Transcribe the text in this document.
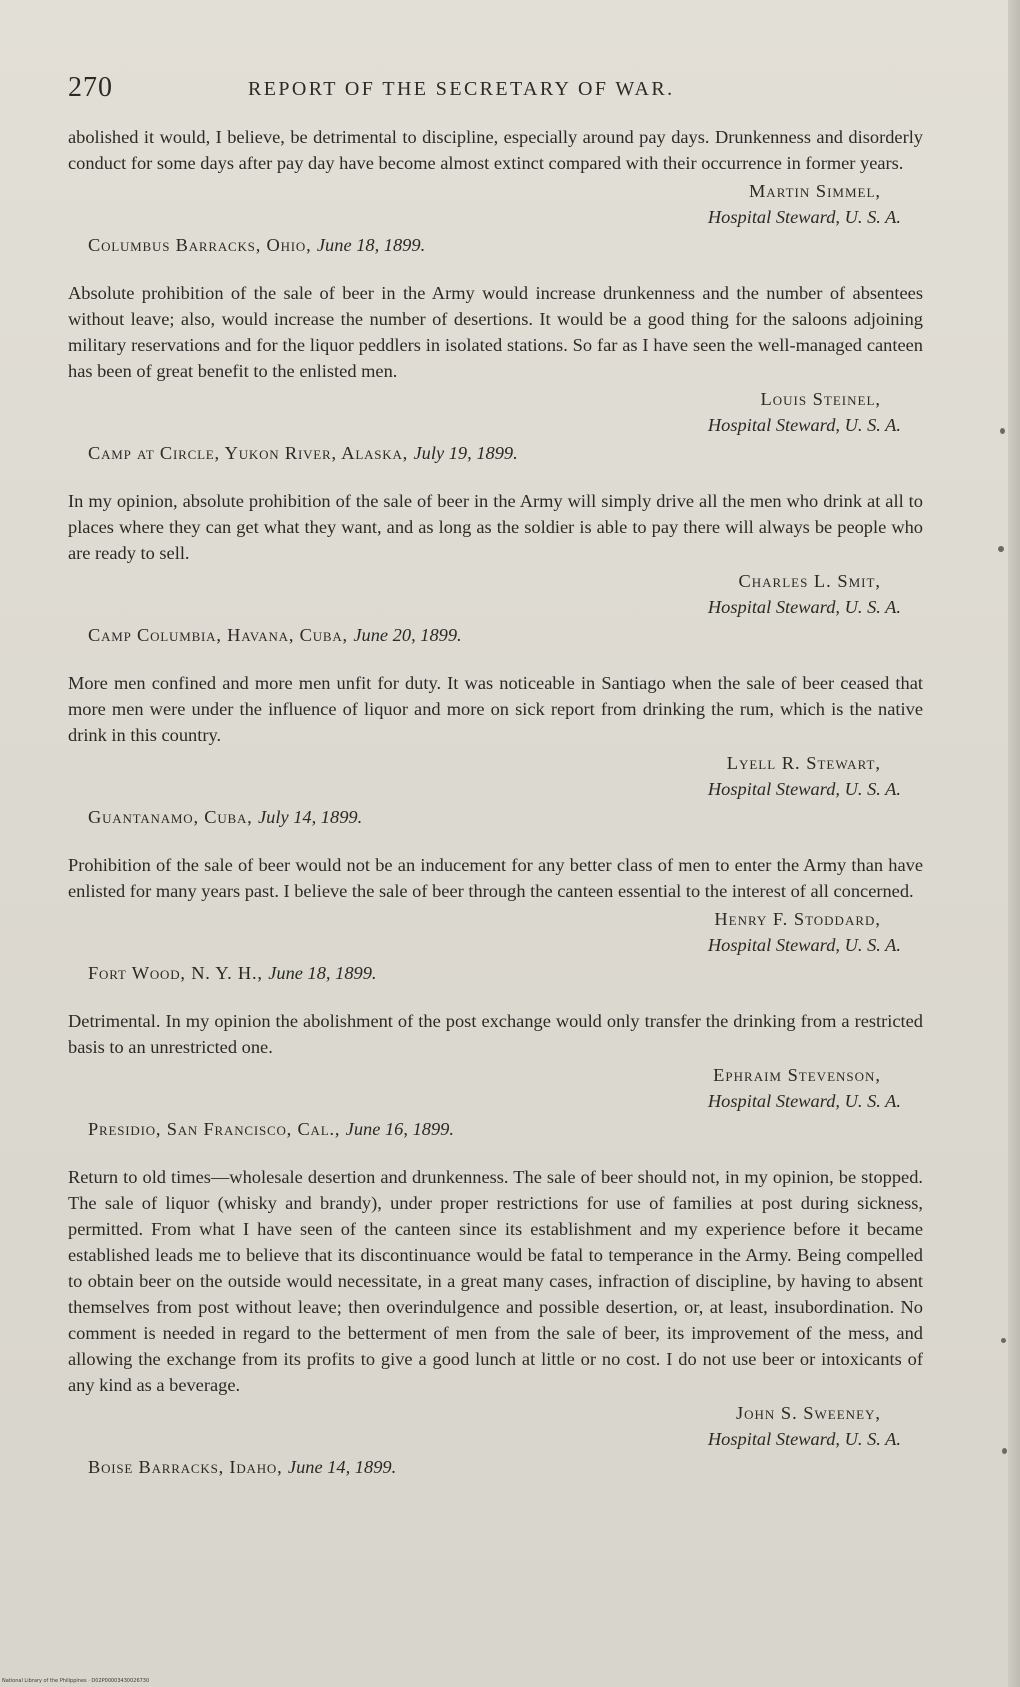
270	REPORT OF THE SECRETARY OF WAR.

abolished it would, I believe, be detrimental to discipline, especially around pay days. Drunkenness and disorderly conduct for some days after pay day have become almost extinct compared with their occurrence in former years.

Martin Simmel,

Hospital Steward, U. S. A.

Columbus Barracks, Ohio, June 18, 1899.

Absolute prohibition of the sale of beer in the Army would increase drunkenness and the number of absentees without leave; also, would increase the number of desertions. It would be a good thing for the saloons adjoining military reservations and for the liquor peddlers in isolated stations. So far as I have seen the well-managed canteen has been of great benefit to the enlisted men.

Louis Steinel,

Hospital Steward, U. S. A.

Camp at Circle, Yukon River, Alaska, July 19, 1899.

In my opinion, absolute prohibition of the sale of beer in the Army will simply drive all the men who drink at all to places where they can get what they want, and as long as the soldier is able to pay there will always be people who are ready to sell.

Charles L. Smit,

Hospital Steward, U. S. A.

Camp Columbia, Havana, Cuba, June 20, 1899.

More men confined and more men unfit for duty. It was noticeable in Santiago when the sale of beer ceased that more men were under the influence of liquor and more on sick report from drinking the rum, which is the native drink in this country.

Lyell R. Stewart,

Hospital Steward, U. S. A.

Guantanamo, Cuba, July 14, 1899.

Prohibition of the sale of beer would not be an inducement for any better class of men to enter the Army than have enlisted for many years past. I believe the sale of beer through the canteen essential to the interest of all concerned.

Henry F. Stoddard,

Hospital Steward, U. S. A.

Fort Wood, N. Y. H., June 18, 1899.

Detrimental. In my opinion the abolishment of the post exchange would only transfer the drinking from a restricted basis to an unrestricted one.

Ephraim Stevenson,

Hospital Steward, U. S. A.

Presidio, San Francisco, Cal., June 16, 1899.

Return to old times—wholesale desertion and drunkenness. The sale of beer should not, in my opinion, be stopped. The sale of liquor (whisky and brandy), under proper restrictions for use of families at post during sickness, permitted. From what I have seen of the canteen since its establishment and my experience before it became established leads me to believe that its discontinuance would be fatal to temperance in the Army. Being compelled to obtain beer on the outside would necessitate, in a great many cases, infraction of discipline, by having to absent themselves from post without leave; then overindulgence and possible desertion, or, at least, insubordination. No comment is needed in regard to the betterment of men from the sale of beer, its improvement of the mess, and allowing the exchange from its profits to give a good lunch at little or no cost. I do not use beer or intoxicants of any kind as a beverage.

John S. Sweeney,

Hospital Steward, U. S. A.

Boise Barracks, Idaho, June 14, 1899.

National Library of the Philippines · D02P00003430026730
